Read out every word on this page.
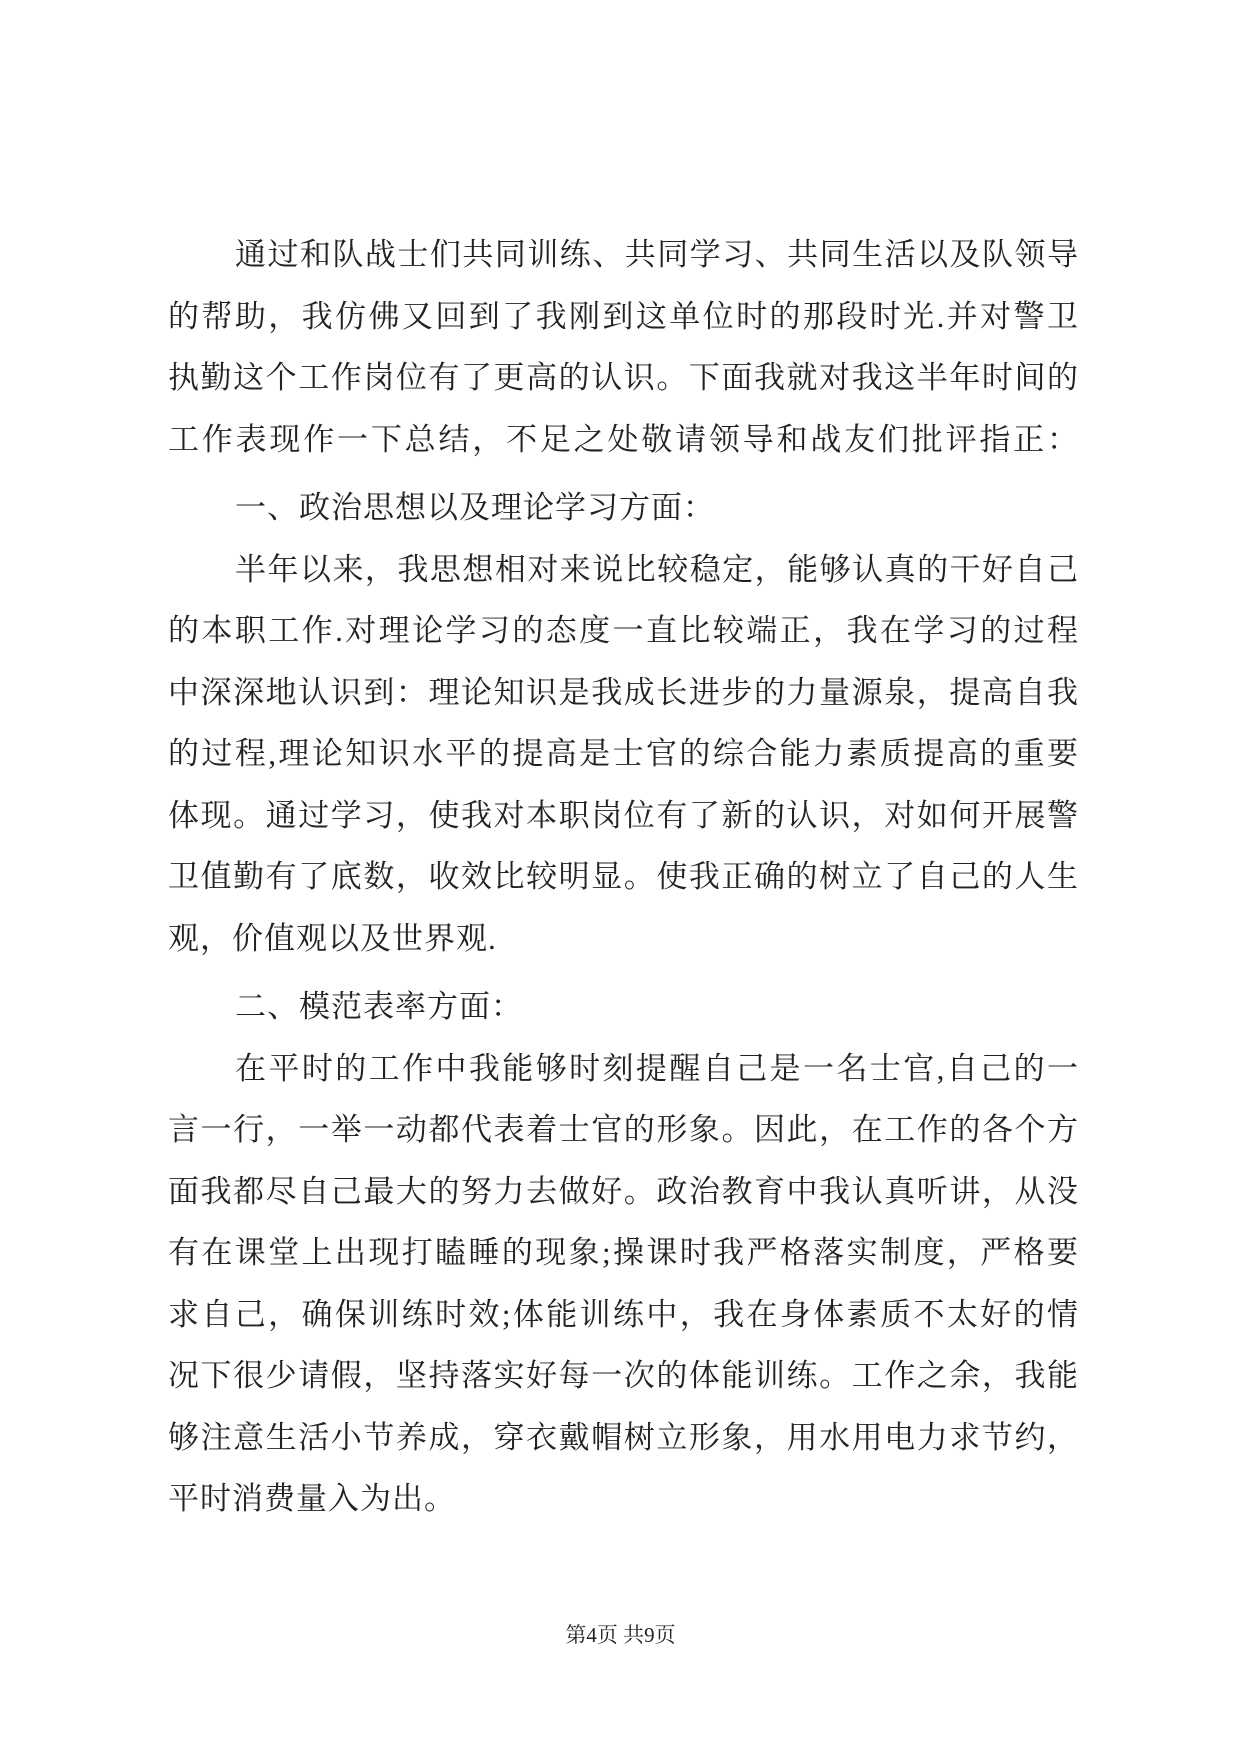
通过和队战士们共同训练、共同学习、共同生活以及队领导
的帮助，我仿佛又回到了我刚到这单位时的那段时光.并对警卫
执勤这个工作岗位有了更高的认识。下面我就对我这半年时间的
工作表现作一下总结，不足之处敬请领导和战友们批评指正：
一、政治思想以及理论学习方面：
半年以来，我思想相对来说比较稳定，能够认真的干好自己
的本职工作.对理论学习的态度一直比较端正，我在学习的过程
中深深地认识到：理论知识是我成长进步的力量源泉，提高自我
的过程,理论知识水平的提高是士官的综合能力素质提高的重要
体现。通过学习，使我对本职岗位有了新的认识，对如何开展警
卫值勤有了底数，收效比较明显。使我正确的树立了自己的人生
观，价值观以及世界观.
二、模范表率方面：
在平时的工作中我能够时刻提醒自己是一名士官,自己的一
言一行，一举一动都代表着士官的形象。因此，在工作的各个方
面我都尽自己最大的努力去做好。政治教育中我认真听讲，从没
有在课堂上出现打瞌睡的现象;操课时我严格落实制度，严格要
求自己，确保训练时效;体能训练中，我在身体素质不太好的情
况下很少请假，坚持落实好每一次的体能训练。工作之余，我能
够注意生活小节养成，穿衣戴帽树立形象，用水用电力求节约，
平时消费量入为出。
第4页 共9页
